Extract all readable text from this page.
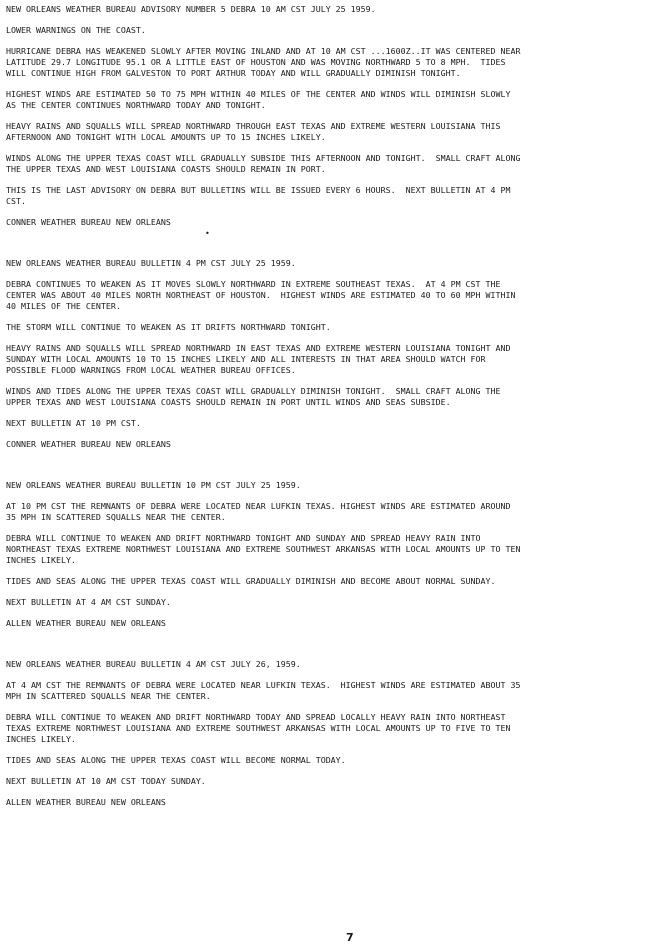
NEW ORLEANS WEATHER BUREAU ADVISORY NUMBER 5 DEBRA 10 AM CST JULY 25 1959.
LOWER WARNINGS ON THE COAST.
HURRICANE DEBRA HAS WEAKENED SLOWLY AFTER MOVING INLAND AND AT 10 AM CST ...1600Z..IT WAS CENTERED NEAR
LATITUDE 29.7 LONGITUDE 95.1 OR A LITTLE EAST OF HOUSTON AND WAS MOVING NORTHWARD 5 TO 8 MPH.  TIDES
WILL CONTINUE HIGH FROM GALVESTON TO PORT ARTHUR TODAY AND WILL GRADUALLY DIMINISH TONIGHT.
HIGHEST WINDS ARE ESTIMATED 50 TO 75 MPH WITHIN 40 MILES OF THE CENTER AND WINDS WILL DIMINISH SLOWLY
AS THE CENTER CONTINUES NORTHWARD TODAY AND TONIGHT.
HEAVY RAINS AND SQUALLS WILL SPREAD NORTHWARD THROUGH EAST TEXAS AND EXTREME WESTERN LOUISIANA THIS
AFTERNOON AND TONIGHT WITH LOCAL AMOUNTS UP TO 15 INCHES LIKELY.
WINDS ALONG THE UPPER TEXAS COAST WILL GRADUALLY SUBSIDE THIS AFTERNOON AND TONIGHT.  SMALL CRAFT ALONG
THE UPPER TEXAS AND WEST LOUISIANA COASTS SHOULD REMAIN IN PORT.
THIS IS THE LAST ADVISORY ON DEBRA BUT BULLETINS WILL BE ISSUED EVERY 6 HOURS.  NEXT BULLETIN AT 4 PM
CST.
CONNER WEATHER BUREAU NEW ORLEANS
NEW ORLEANS WEATHER BUREAU BULLETIN 4 PM CST JULY 25 1959.
DEBRA CONTINUES TO WEAKEN AS IT MOVES SLOWLY NORTHWARD IN EXTREME SOUTHEAST TEXAS.  AT 4 PM CST THE
CENTER WAS ABOUT 40 MILES NORTH NORTHEAST OF HOUSTON.  HIGHEST WINDS ARE ESTIMATED 40 TO 60 MPH WITHIN
40 MILES OF THE CENTER.
THE STORM WILL CONTINUE TO WEAKEN AS IT DRIFTS NORTHWARD TONIGHT.
HEAVY RAINS AND SQUALLS WILL SPREAD NORTHWARD IN EAST TEXAS AND EXTREME WESTERN LOUISIANA TONIGHT AND
SUNDAY WITH LOCAL AMOUNTS 10 TO 15 INCHES LIKELY AND ALL INTERESTS IN THAT AREA SHOULD WATCH FOR
POSSIBLE FLOOD WARNINGS FROM LOCAL WEATHER BUREAU OFFICES.
WINDS AND TIDES ALONG THE UPPER TEXAS COAST WILL GRADUALLY DIMINISH TONIGHT.  SMALL CRAFT ALONG THE
UPPER TEXAS AND WEST LOUISIANA COASTS SHOULD REMAIN IN PORT UNTIL WINDS AND SEAS SUBSIDE.
NEXT BULLETIN AT 10 PM CST.
CONNER WEATHER BUREAU NEW ORLEANS
NEW ORLEANS WEATHER BUREAU BULLETIN 10 PM CST JULY 25 1959.
AT 10 PM CST THE REMNANTS OF DEBRA WERE LOCATED NEAR LUFKIN TEXAS. HIGHEST WINDS ARE ESTIMATED AROUND
35 MPH IN SCATTERED SQUALLS NEAR THE CENTER.
DEBRA WILL CONTINUE TO WEAKEN AND DRIFT NORTHWARD TONIGHT AND SUNDAY AND SPREAD HEAVY RAIN INTO
NORTHEAST TEXAS EXTREME NORTHWEST LOUISIANA AND EXTREME SOUTHWEST ARKANSAS WITH LOCAL AMOUNTS UP TO TEN
INCHES LIKELY.
TIDES AND SEAS ALONG THE UPPER TEXAS COAST WILL GRADUALLY DIMINISH AND BECOME ABOUT NORMAL SUNDAY.
NEXT BULLETIN AT 4 AM CST SUNDAY.
ALLEN WEATHER BUREAU NEW ORLEANS
NEW ORLEANS WEATHER BUREAU BULLETIN 4 AM CST JULY 26, 1959.
AT 4 AM CST THE REMNANTS OF DEBRA WERE LOCATED NEAR LUFKIN TEXAS.  HIGHEST WINDS ARE ESTIMATED ABOUT 35
MPH IN SCATTERED SQUALLS NEAR THE CENTER.
DEBRA WILL CONTINUE TO WEAKEN AND DRIFT NORTHWARD TODAY AND SPREAD LOCALLY HEAVY RAIN INTO NORTHEAST
TEXAS EXTREME NORTHWEST LOUISIANA AND EXTREME SOUTHWEST ARKANSAS WITH LOCAL AMOUNTS UP TO FIVE TO TEN
INCHES LIKELY.
TIDES AND SEAS ALONG THE UPPER TEXAS COAST WILL BECOME NORMAL TODAY.
NEXT BULLETIN AT 10 AM CST TODAY SUNDAY.
ALLEN WEATHER BUREAU NEW ORLEANS
•
7
